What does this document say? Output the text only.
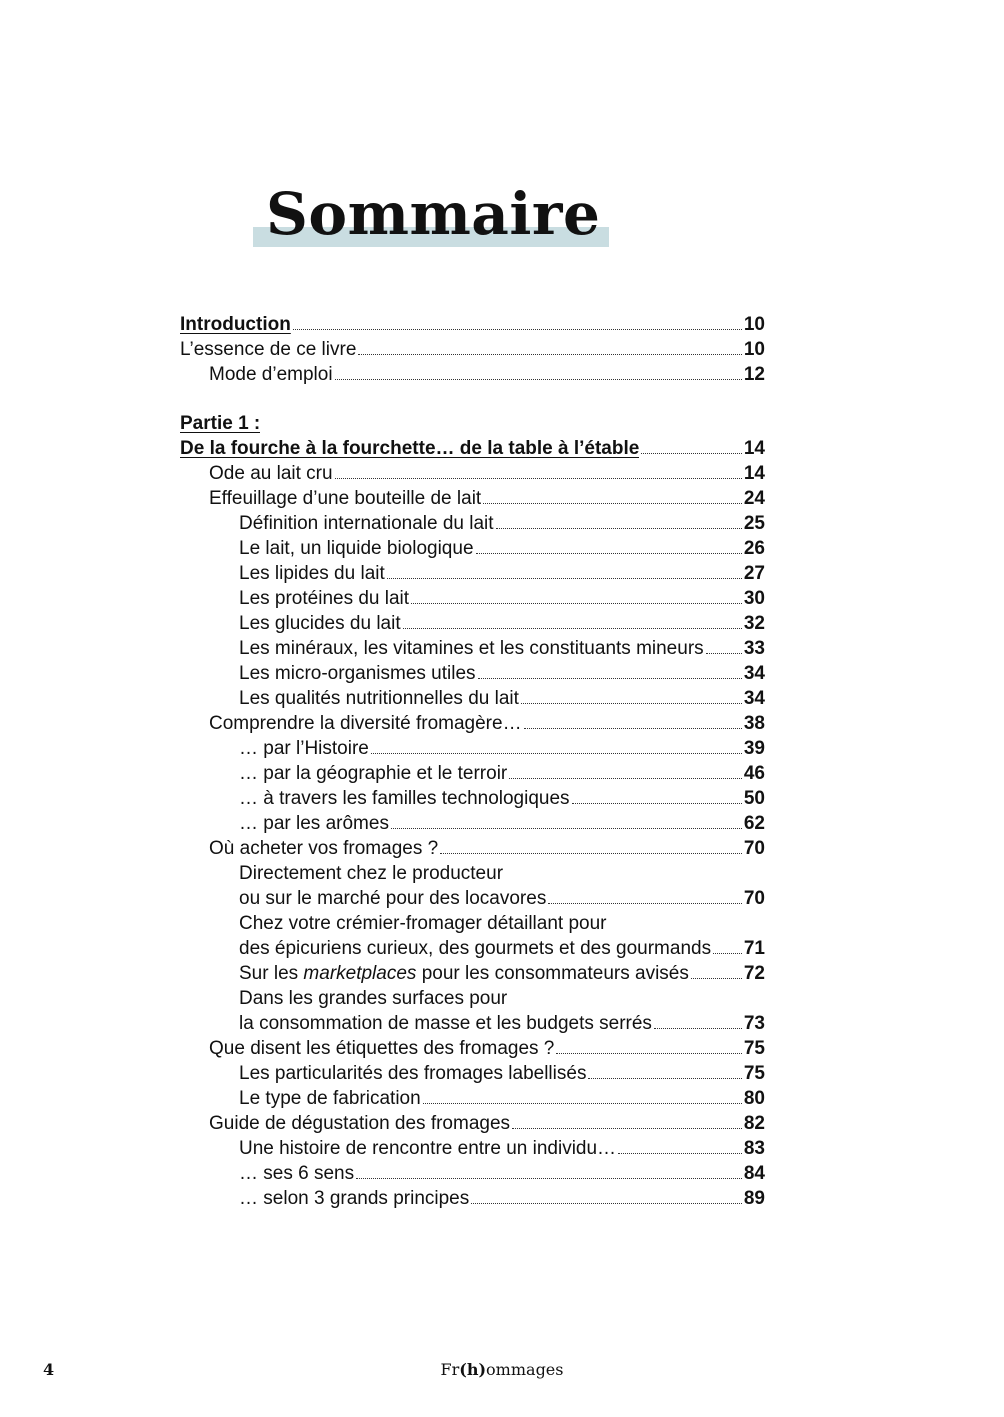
Sommaire
Introduction	10
L’essence de ce livre	10
Mode d’emploi	12
Partie 1 :
De la fourche à la fourchette… de la table à l’étable	14
Ode au lait cru	14
Effeuillage d’une bouteille de lait	24
Définition internationale du lait	25
Le lait, un liquide biologique	26
Les lipides du lait	27
Les protéines du lait	30
Les glucides du lait	32
Les minéraux, les vitamines et les constituants mineurs 33
Les micro-organismes utiles	34
Les qualités nutritionnelles du lait	34
Comprendre la diversité fromagère…	38
… par l’Histoire	39
… par la géographie et le terroir	46
… à travers les familles technologiques	50
… par les arômes	62
Où acheter vos fromages ?	70
Directement chez le producteur
ou sur le marché pour des locavores	70
Chez votre crémier-fromager détaillant pour
des épicuriens curieux, des gourmets et des gourmands 71
Sur les marketplaces pour les consommateurs avisés	72
Dans les grandes surfaces pour
la consommation de masse et les budgets serrés	73
Que disent les étiquettes des fromages ?	75
Les particularités des fromages labellisés	75
Le type de fabrication	80
Guide de dégustation des fromages	82
Une histoire de rencontre entre un individu…	83
… ses 6 sens	84
… selon 3 grands principes	89
4	Fr(h)ommages
